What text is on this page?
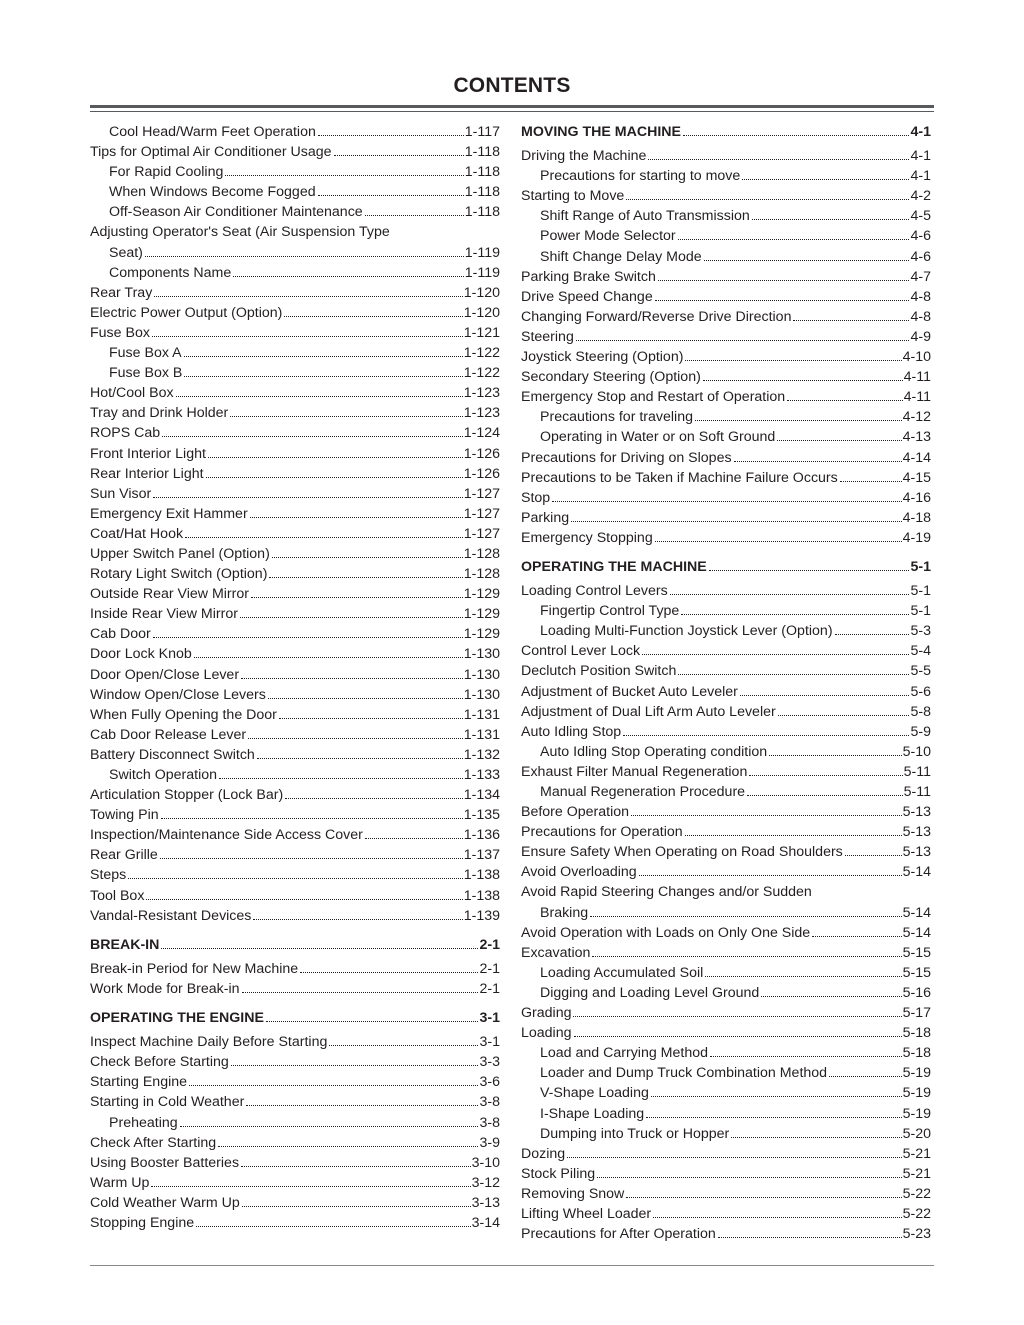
CONTENTS
Cool Head/Warm Feet Operation	1-117
Tips for Optimal Air Conditioner Usage	1-118
For Rapid Cooling	1-118
When Windows Become Fogged	1-118
Off-Season Air Conditioner Maintenance	1-118
Adjusting Operator's Seat (Air Suspension Type
Seat)	1-119
Components Name	1-119
Rear Tray	1-120
Electric Power Output (Option)	1-120
Fuse Box	1-121
Fuse Box A	1-122
Fuse Box B	1-122
Hot/Cool Box	1-123
Tray and Drink Holder	1-123
ROPS Cab	1-124
Front Interior Light	1-126
Rear Interior Light	1-126
Sun Visor	1-127
Emergency Exit Hammer	1-127
Coat/Hat Hook	1-127
Upper Switch Panel (Option)	1-128
Rotary Light Switch (Option)	1-128
Outside Rear View Mirror	1-129
Inside Rear View Mirror	1-129
Cab Door	1-129
Door Lock Knob	1-130
Door Open/Close Lever	1-130
Window Open/Close Levers	1-130
When Fully Opening the Door	1-131
Cab Door Release Lever	1-131
Battery Disconnect Switch	1-132
Switch Operation	1-133
Articulation Stopper (Lock Bar)	1-134
Towing Pin	1-135
Inspection/Maintenance Side Access Cover	1-136
Rear Grille	1-137
Steps	1-138
Tool Box	1-138
Vandal-Resistant Devices	1-139
BREAK-IN	2-1
Break-in Period for New Machine	2-1
Work Mode for Break-in	2-1
OPERATING THE ENGINE	3-1
Inspect Machine Daily Before Starting	3-1
Check Before Starting	3-3
Starting Engine	3-6
Starting in Cold Weather	3-8
Preheating	3-8
Check After Starting	3-9
Using Booster Batteries	3-10
Warm Up	3-12
Cold Weather Warm Up	3-13
Stopping Engine	3-14
MOVING THE MACHINE	4-1
Driving the Machine	4-1
Precautions for starting to move	4-1
Starting to Move	4-2
Shift Range of Auto Transmission	4-5
Power Mode Selector	4-6
Shift Change Delay Mode	4-6
Parking Brake Switch	4-7
Drive Speed Change	4-8
Changing Forward/Reverse Drive Direction	4-8
Steering	4-9
Joystick Steering (Option)	4-10
Secondary Steering (Option)	4-11
Emergency Stop and Restart of Operation	4-11
Precautions for traveling	4-12
Operating in Water or on Soft Ground	4-13
Precautions for Driving on Slopes	4-14
Precautions to be Taken if Machine Failure Occurs	4-15
Stop	4-16
Parking	4-18
Emergency Stopping	4-19
OPERATING THE MACHINE	5-1
Loading Control Levers	5-1
Fingertip Control Type	5-1
Loading Multi-Function Joystick Lever (Option)	5-3
Control Lever Lock	5-4
Declutch Position Switch	5-5
Adjustment of Bucket Auto Leveler	5-6
Adjustment of Dual Lift Arm Auto Leveler	5-8
Auto Idling Stop	5-9
Auto Idling Stop Operating condition	5-10
Exhaust Filter Manual Regeneration	5-11
Manual Regeneration Procedure	5-11
Before Operation	5-13
Precautions for Operation	5-13
Ensure Safety When Operating on Road Shoulders	5-13
Avoid Overloading	5-14
Avoid Rapid Steering Changes and/or Sudden
Braking	5-14
Avoid Operation with Loads on Only One Side	5-14
Excavation	5-15
Loading Accumulated Soil	5-15
Digging and Loading Level Ground	5-16
Grading	5-17
Loading	5-18
Load and Carrying Method	5-18
Loader and Dump Truck Combination Method	5-19
V-Shape Loading	5-19
I-Shape Loading	5-19
Dumping into Truck or Hopper	5-20
Dozing	5-21
Stock Piling	5-21
Removing Snow	5-22
Lifting Wheel Loader	5-22
Precautions for After Operation	5-23
